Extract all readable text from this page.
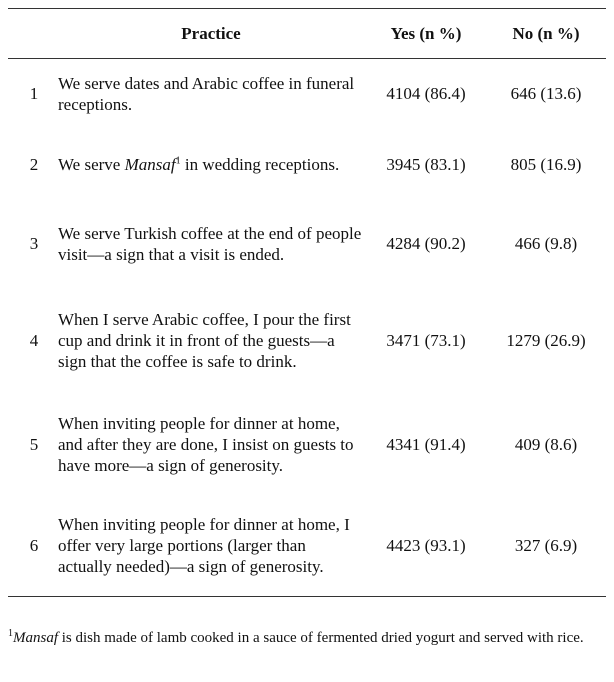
	Practice	Yes (n %)	No (n %)
1	We serve dates and Arabic coffee in funeral receptions.	4104 (86.4)	646 (13.6)
2	We serve Mansaf$^1$ in wedding receptions.	3945 (83.1)	805 (16.9)
3	We serve Turkish coffee at the end of people visit—a sign that a visit is ended.	4284 (90.2)	466 (9.8)
4	When I serve Arabic coffee, I pour the first cup and drink it in front of the guests—a sign that the coffee is safe to drink.	3471 (73.1)	1279 (26.9)
5	When inviting people for dinner at home, and after they are done, I insist on guests to have more—a sign of generosity.	4341 (91.4)	409 (8.6)
6	When inviting people for dinner at home, I offer very large portions (larger than actually needed)—a sign of generosity.	4423 (93.1)	327 (6.9)
$^1$Mansaf is dish made of lamb cooked in a sauce of fermented dried yogurt and served with rice.
